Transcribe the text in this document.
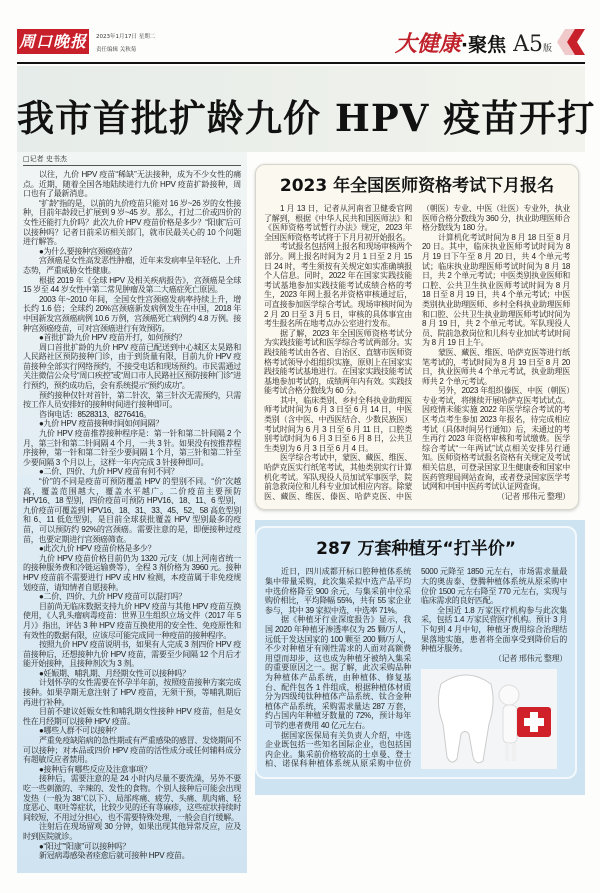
周口晚报	2023年1月17日 星期二
责任编辑 关秋菊	大健康·聚焦 A5版
我市首批扩龄九价 HPV 疫苗开打
□记者 史书杰

以往，九价 HPV 疫苗“稀缺”无法接种，成为不少女性的痛点。近期，随着全国各地陆续进行九价 HPV 疫苗扩龄接种，周口也有了最新消息。

“扩龄”指的是，以前的九价疫苗只能对 16 岁~26 岁的女性接种，目前年龄段已扩展到 9 岁~45 岁。那么，打过二价或四价的女性还能打九价吗？此次九价 HPV 疫苗价格是多少？“阳康”后可以接种吗？记者日前采访相关部门，就市民最关心的 10 个问题进行解答。

●为什么要接种宫颈癌疫苗？

宫颈癌是女性高发恶性肿瘤，近年来发病率呈年轻化、上升态势，严重威胁女性健康。

根据 2019 年《全球 HPV 及相关疾病报告》，宫颈癌是全球 15 岁至 44 岁女性中第二常见肿瘤及第二大癌症死亡原因。

2003 年~2010 年间，全国女性宫颈癌发病率持续上升，增长约 1.6 倍；全球约 20%宫颈癌新发病例发生在中国，2018 年中国新发宫颈癌病例 10.6 万例，宫颈癌死亡病例约 4.8 万例。接种宫颈癌疫苗，可对宫颈癌进行有效预防。

●首批扩龄九价 HPV 疫苗开打，如何预约？

周口首批扩龄的九价 HPV 疫苗已配送到中心城区太昊路和人民路社区预防接种门诊，由于到货量有限，目前九价 HPV 疫苗接种全部实行网络预约，不接受电话和现场预约。市民需通过关注微信公众号“周口疾控”或“周口市人民路社区预防接种门诊”进行预约，预约成功后，会有系统提示“预约成功”。

预约接种仅针对首针，第二针次、第三针次无需预约，只需按工作人员安排好的接种时间进行接种即可。

咨询电话：8528313、8276416。

●九价 HPV 疫苗接种时间如何间隔？

九价 HPV 疫苗推荐接种程序是：第一针和第二针间隔 2 个月，第三针和第二针间隔 4 个月，一共 3 针。如果没有按推荐程序接种，第一针和第二针至少要间隔 1 个月，第三针和第二针至少要间隔 3 个月以上，这样一年内完成 3 针接种即可。

●二价、四价、九价 HPV 疫苗有何不同？

“价”的不同是疫苗可预防覆盖 HPV 的型别不同。“价”次越高，覆盖范围越大，覆盖水平越广。二价疫苗主要预防 HPV16、18 型别，四价疫苗可预防 HPV16、18、11、6 型别，九价疫苗可覆盖到 HPV16、18、31、33、45、52、58 高危型别和 6、11 低危型别，是目前全球获批覆盖 HPV 型别最多的疫苗，可以预防约 92%的宫颈癌。需要注意的是，即便接种过疫苗，也要定期进行宫颈癌筛查。

●此次九价 HPV 疫苗价格是多少？

九价 HPV 疫苗价格目前仍为 1320 元/支（加上河南省统一的接种服务费和冷链运输费等），全程 3 剂价格为 3960 元。接种 HPV 疫苗前不需要进行 HPV 或 HIV 检测，本疫苗属于非免疫规划疫苗，请知情者自愿接种。

●二价、四价、九价 HPV 疫苗可以混打吗？

目前尚无临床数据支持九价 HPV 疫苗与其他 HPV 疫苗互换使用，《人乳头瘤病毒疫苗：世界卫生组织立场文件（2017 年 5 月）》指出，评估 3 种 HPV 疫苗互换使用的安全性、免疫原性和有效性的数据有限，应该尽可能完成同一种疫苗的接种程序。

按照九价 HPV 疫苗说明书，如果有人完成 3 剂四价 HPV 疫苗接种后，还想接种九价 HPV 疫苗，需要至少间隔 12 个月后才能开始接种，且接种剂次为 3 剂。

●妊娠期、哺乳期、月经期女性可以接种吗？

计划怀孕的女性需要在怀孕半年前，按照疫苗接种方案完成接种。如果孕期无意注射了 HPV 疫苗，无须干预，等哺乳期后再进行补种。

目前不建议妊娠女性和哺乳期女性接种 HPV 疫苗，但是女性在月经期可以接种 HPV 疫苗。

●哪些人群不可以接种？

严重免疫缺陷病的急性期或有严重感染的感冒、发烧期间不可以接种；对本品或四价 HPV 疫苗的活性成分或任何辅料成分有超敏反应者禁用。

●接种后有哪些反应及注意事项？

接种后，需要注意的是 24 小时内尽量不要洗澡，另外不要吃一些刺激的、辛辣的、发性的食物。个别人接种后可能会出现发热（一般为 38℃以下）、局部疼痛、疲劳、头痛、肌肉痛、轻度恶心、呕吐等症状，比较少见的还有荨麻疹，这些症状持续时间较短，不用过分担心，也不需要特殊处理，一般会自行缓解。

注射后在现场留观 30 分钟，如果出现其他异常反应，应及时到医院就诊。

●“阳过”“阳康”可以接种吗？

新冠病毒感染者痊愈后就可接种 HPV 疫苗。

2023 年全国医师资格考试下月报名

1 月 13 日，记者从河南省卫健委官网了解到，根据《中华人民共和国医师法》和《医师资格考试暂行办法》规定，2023 年全国医师资格考试将于下月月初开始报名。

考试报名包括网上报名和现场审核两个部分。网上报名时间为 2 月 1 日至 2 月 15 日 24 时，考生须按有关规定如实准确填报个人信息。同时，2022 年在国家实践技能考试基地参加实践技能考试成绩合格的考生，2023 年网上报名并资格审核通过后，可直接参加医学综合考试。现场审核时间为 2 月 20 日至 3 月 5 日，审核的具体事宜由考生报名所在地考点办公室进行发布。

据了解，2023 年全国医师资格考试分为实践技能考试和医学综合考试两部分。实践技能考试由各省、自治区、直辖市医师资格考试领导小组组织实施，原则上在国家实践技能考试基地进行。在国家实践技能考试基地参加考试的，成绩两年内有效。实践技能考试合格分数线为 60 分。

其中，临床类别、乡村全科执业助理医师考试时间为 6 月 3 日至 6 月 14 日，中医类别（含中医、中西医结合、少数民族医）考试时间为 6 月 3 日至 6 月 11 日，口腔类别考试时间为 6 月 3 日至 6 月 8 日，公共卫生类别为 6 月 3 日至 6 月 4 日。

医学综合考试中，蒙医、藏医、维医、哈萨克医实行纸笔考试，其他类别实行计算机化考试。军队现役人员加试军事医学，院前急救岗位和儿科专业加试相应内容。除蒙医、藏医、维医、傣医、哈萨克医、中医（朝医）专业、中医（壮医）专业外，执业医师合格分数线为 360 分，执业助理医师合格分数线为 180 分。

计算机化考试时间为 8 月 18 日至 8 月 20 日。其中，临床执业医师考试时间为 8 月 19 日下午至 8 月 20 日，共 4 个单元考试；临床执业助理医师考试时间为 8 月 18 日，共 2 个单元考试；中医类别执业医师和口腔、公共卫生执业医师考试时间为 8 月 18 日至 8 月 19 日，共 4 个单元考试；中医类别执业助理医师、乡村全科执业助理医师和口腔、公共卫生执业助理医师考试时间为 8 月 19 日，共 2 个单元考试。军队现役人员、院前急救岗位和儿科专业加试考试时间为 8 月 19 日上午。

蒙医、藏医、维医、哈萨克医等进行纸笔考试的，考试时间为 8 月 19 日至 8 月 20 日，执业医师共 4 个单元考试，执业助理医师共 2 个单元考试。

另外，2023 年组织傣医、中医（朝医）专业考试，将继续开展哈萨克医考试试点。因疫情未能实施 2022 年医学综合考试的考区考点考生参加 2023 年报名，待完成相应考试（具体时间另行通知）后，未通过的考生再行 2023 年资格审核和考试缴费。医学综合考试“一年两试”试点相关安排另行通知。医师资格考试报名资格有关规定及考试相关信息，可登录国家卫生健康委和国家中医药管理局网站查询，或者登录国家医学考试网和中国中医药考试认证网查询。

（记者 邢伟元 整理）

287 万套种植牙“打半价”

近日，四川成都开标口腔种植体系统集中带量采购，此次集采拟中选产品平均中选价格降至 900 余元，与集采前中位采购价相比，平均降幅 55%，共有 55 家企业参与，其中 39 家拟中选，中选率 71%。

据《种植牙行业深度报告》显示，我国 2020 年种植牙渗透率仅为 25 颗/万人，远低于发达国家的 100 颗至 200 颗/万人，不少对种植牙有刚性需求的人面对高额费用望而却步，这也成为种植牙被纳入集采的重要原因之一。据了解，此次采购品种为种植体产品系统，由种植体、修复基台、配件包各 1 件组成，根据种植体材质分为四级纯钛种植体产品系统、钛合金种植体产品系统，采购需求量达 287 万套，约占国内年种植牙数量的 72%，预计每年可节约患者费用 40 亿元左右。

据国家医保局有关负责人介绍，中选企业既包括一些知名国际企业，也包括国内企业。集采前价格较高的士卓曼、登士柏、诺保科种植体系统从原采购中位价 5000 元降至 1850 元左右，市场需求量最大的奥齿泰、登腾种植体系统从原采购中位价 1500 元左右降至 770 元左右，实现与临床需求的良好匹配。

全国近 1.8 万家医疗机构参与此次集采，包括 1.4 万家民营医疗机构。预计 3 月下旬到 4 月中旬，种植牙费用综合治理结果落地实施，患者将全面享受到降价后的种植牙服务。

（记者 邢伟元 整理）
